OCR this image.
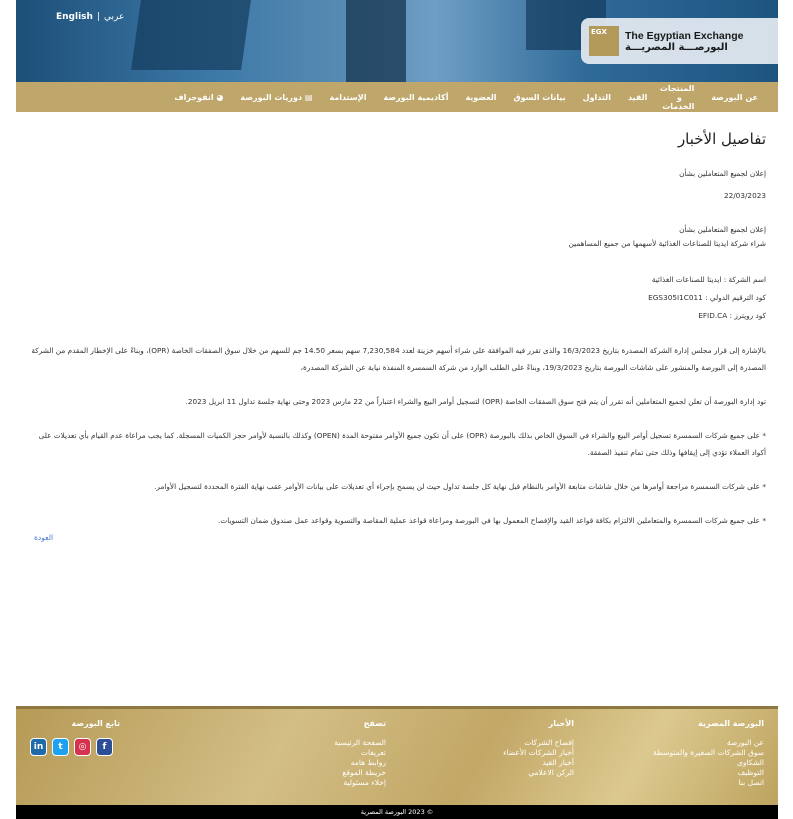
English | عربي
EGX	The Egyptian Exchange
البورصـــة المصريـــة
عن البورصة
المنتجات و الخدمات
القيد
التداول
بيانات السوق
العضوية
أكاديمية البورصة
الإستدامة
▤ دوريات البورصة
◕ انفوجراف
تفاصيل الأخبار
إعلان لجميع المتعاملين بشأن
22/03/2023
إعلان لجميع المتعاملين بشأن
شراء شركة ايديتا للصناعات الغذائية لأسهمها من جميع المساهمين
اسم الشركة : ايديتا للصناعات الغذائية
كود الترقيم الدولي : EGS305I1C011
كود رويترز : EFID.CA

بالإشارة إلى قرار مجلس إدارة الشركة المصدرة بتاريخ 16/3/2023 والذى تقرر فيه الموافقة على شراء أسهم خزينة لعدد 7,230,584 سهم بسعر 14.50 جم للسهم من خلال سوق الصفقات الخاصة (OPR)، وبناءً على الإخطار المقدم من الشركة المصدرة إلى البورصة والمنشور على شاشات البورصة بتاريخ 19/3/2023، وبناءً على الطلب الوارد من شركة السمسرة المنفذة نيابة عن الشركة المصدرة،

تود إدارة البورصة أن تعلن لجميع المتعاملين أنه تقرر أن يتم فتح سوق الصفقات الخاصة (OPR) لتسجيل أوامر البيع والشراء اعتباراً من 22 مارس 2023 وحتى نهاية جلسة تداول 11 ابريل 2023.

* على جميع شركات السمسرة تسجيل أوامر البيع والشراء في السوق الخاص بذلك بالبورصة (OPR) على أن تكون جميع الأوامر مفتوحة المدة (OPEN) وكذلك بالنسبة لأوامر حجز الكميات المسجلة. كما يجب مراعاة عدم القيام بأي تعديلات على أكواد العملاء تؤدي إلى إيقافها وذلك حتى تمام تنفيذ الصفقة.

* على شركات السمسرة مراجعة أوامرها من خلال شاشات متابعة الأوامر بالنظام قبل نهاية كل جلسة تداول حيث لن يسمح بإجراء أي تعديلات على بيانات الأوامر عقب نهاية الفترة المحددة لتسجيل الأوامر.

* على جميع شركات السمسرة والمتعاملين الالتزام بكافة قواعد القيد والإفصاح المعمول بها في البورصة ومراعاة قواعد عملية المقاصة والتسوية وقواعد عمل صندوق ضمان التسويات.

العودة
البورصة المصرية
عن البورصة
سوق الشركات الصغيرة والمتوسطة
الشكاوى
التوظيف
اتصل بنا
الأخبار
إفصاح الشركات
أخبار الشركات الأعضاء
أخبار القيد
الركن الاعلامي
تصفح
الصفحة الرئيسية
تعريفات
روابط هامه
خريطة الموقع
إخلاء مسئولية
تابع البورصة
in	t	◎	f
© 2023 البورصة المصرية
